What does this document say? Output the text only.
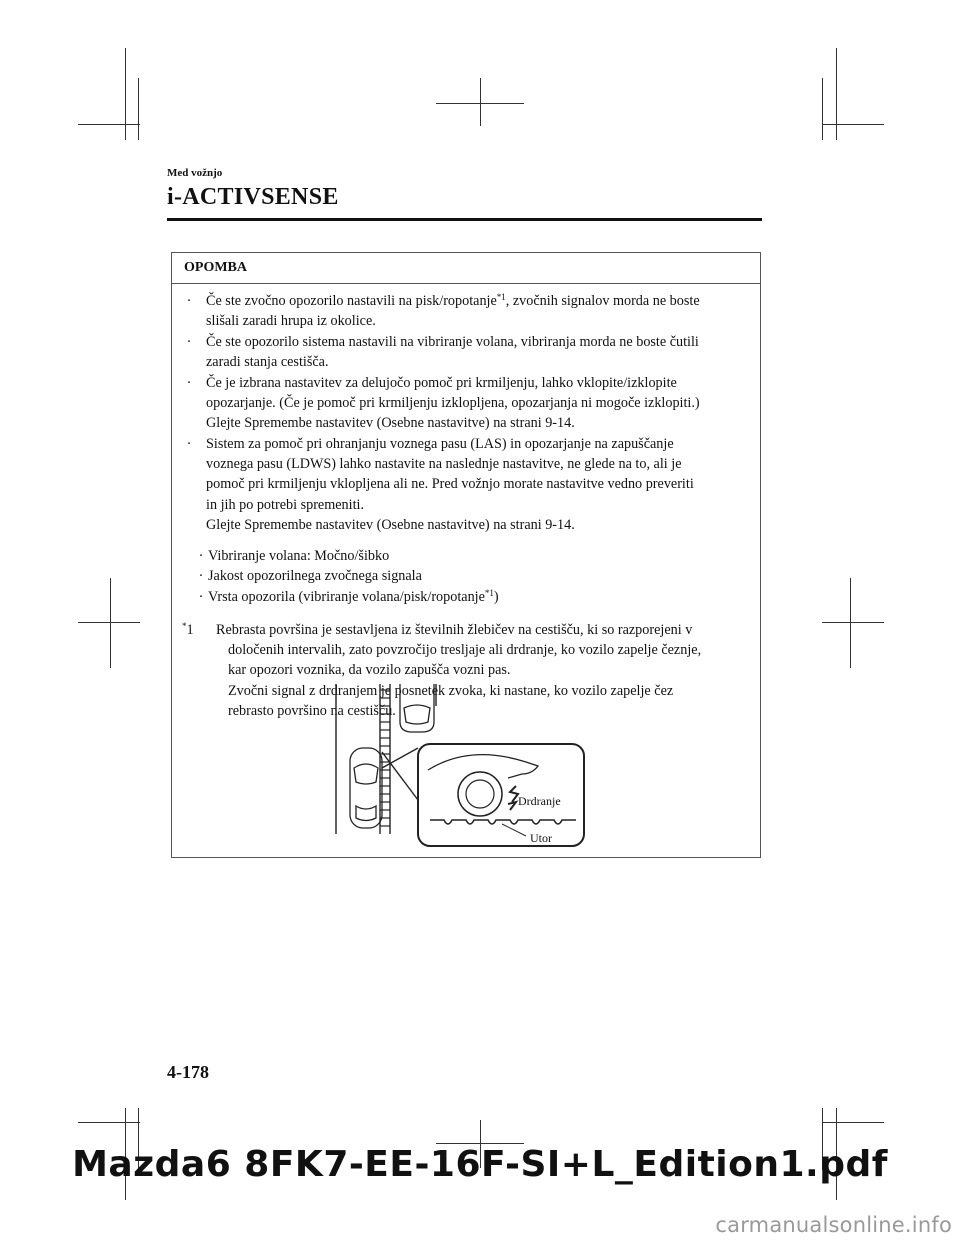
Med vožnjo
i-ACTIVSENSE
OPOMBA
· Če ste zvočno opozorilo nastavili na pisk/ropotanje$^{*1}$, zvočnih signalov morda ne boste
slišali zaradi hrupa iz okolice.
· Če ste opozorilo sistema nastavili na vibriranje volana, vibriranja morda ne boste čutili
zaradi stanja cestišča.
· Če je izbrana nastavitev za delujočo pomoč pri krmiljenju, lahko vklopite/izklopite
opozarjanje. (Če je pomoč pri krmiljenju izklopljena, opozarjanja ni mogoče izklopiti.)
Glejte Spremembe nastavitev (Osebne nastavitve) na strani 9-14.
· Sistem za pomoč pri ohranjanju voznega pasu (LAS) in opozarjanje na zapuščanje
voznega pasu (LDWS) lahko nastavite na naslednje nastavitve, ne glede na to, ali je
pomoč pri krmiljenju vklopljena ali ne. Pred vožnjo morate nastavitve vedno preveriti
in jih po potrebi spremeniti.
Glejte Spremembe nastavitev (Osebne nastavitve) na strani 9-14.
· Vibriranje volana: Močno/šibko
· Jakost opozorilnega zvočnega signala
· Vrsta opozorila (vibriranje volana/pisk/ropotanje$^{*1}$)
*1 Rebrasta površina je sestavljena iz številnih žlebičev na cestišču, ki so razporejeni v
določenih intervalih, zato povzročijo tresljaje ali drdranje, ko vozilo zapelje čeznje,
kar opozori voznika, da vozilo zapušča vozni pas.
Zvočni signal z drdranjem je posnetek zvoka, ki nastane, ko vozilo zapelje čez
rebrasto površino na cestišču.
Drdranje
Utor
4-178
Mazda6 8FK7-EE-16F-SI+L_Edition1.pdf
carmanualsonline.info
